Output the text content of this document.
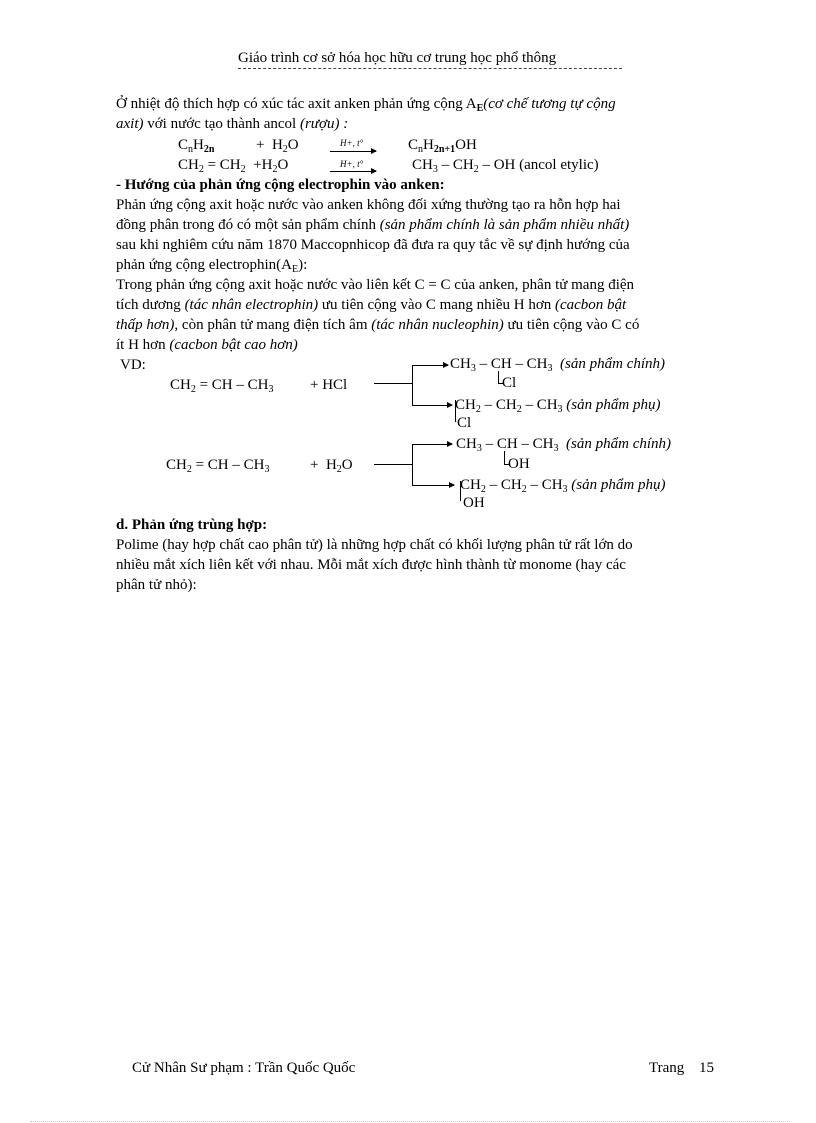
Giáo trình cơ sở hóa học hữu cơ trung học phổ thông
Ở nhiệt độ thích hợp có xúc tác axit anken phản ứng cộng $A_E(cơ$ chế tương tự cộng
axit) với nước tạo thành ancol (rượu) :
$C_nH_{2n}$	+  $H_2O$	H+, t°	$C_nH_{2n+1}OH$
$CH_2 = CH_2 +H_2O$	H+, t°	$CH_3 - CH_2$ – OH (ancol etylic)
- Hướng của phản ứng cộng electrophin vào anken:
Phản ứng cộng axit hoặc nước vào anken không đối xứng thường tạo ra hỗn hợp hai
đồng phân trong đó có một sản phẩm chính (sản phẩm chính là sản phẩm nhiều nhất)
sau khi nghiêm cứu năm 1870 Maccopnhicop đã đưa ra quy tắc về sự định hướng của
phản ứng cộng $electrophin(A_E)$:
Trong phản ứng cộng axit hoặc nước vào liên kết C = C của anken, phân tử mang điện
tích dương (tác nhân electrophin) ưu tiên cộng vào C mang nhiều H hơn (cacbon bật
thấp hơn), còn phân tử mang điện tích âm (tác nhân nucleophin) ưu tiên cộng vào C có
ít H hơn (cacbon bật cao hơn)
VD:
$CH_2$ = CH – $CH_3$ + HCl
$CH_3$ – CH – $CH_3$ (sản phẩm chính)
Cl
$CH_2 - CH_2 - CH_3$ (sản phẩm phụ)
Cl
$CH_2$ = CH – $CH_3$	+  $H_2O$
$CH_3$ – CH – $CH_3$ (sản phẩm chính)
OH
$CH_2 - CH_2 - CH_3$ (sản phẩm phụ)
OH
d. Phản ứng trùng hợp:
Polime (hay hợp chất cao phân tử) là những hợp chất có khối lượng phân tử rất lớn do
nhiều mắt xích liên kết với nhau. Mỗi mắt xích được hình thành từ monome (hay các
phân tử nhỏ):
Cử Nhân Sư phạm : Trần Quốc Quốc	Trang 15
